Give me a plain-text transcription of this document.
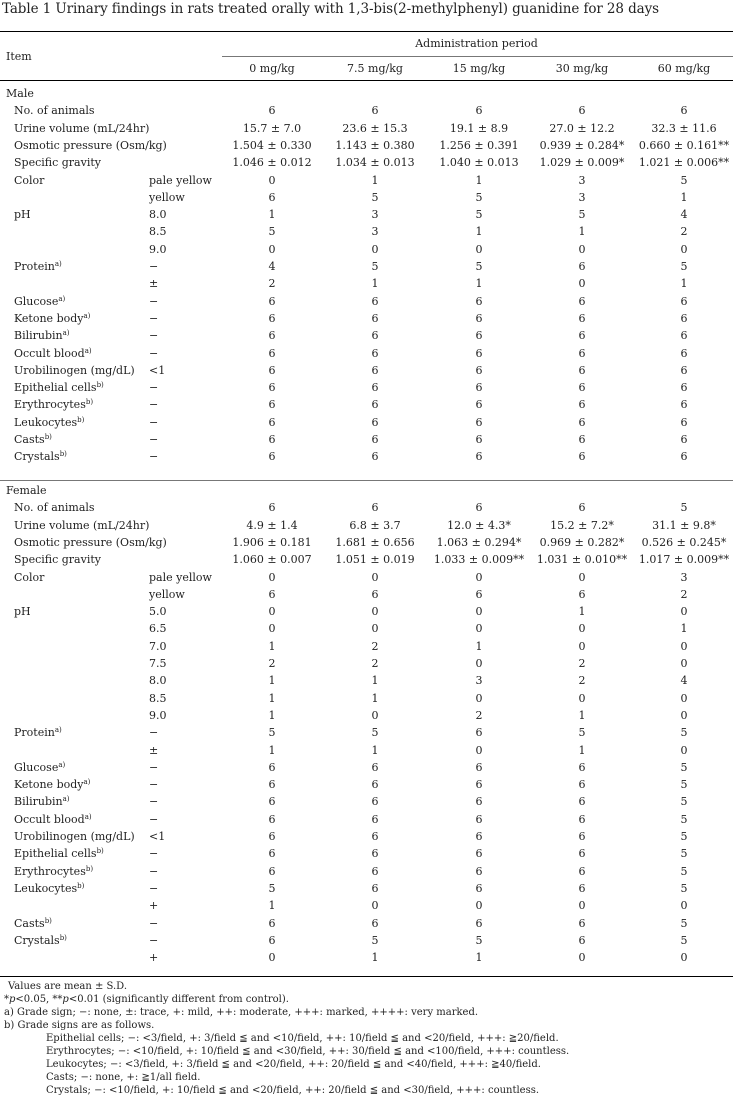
Table 1 Urinary findings in rats treated orally with 1,3-bis(2-methylphenyl) guanidine for 28 days
Item
Administration period
0 mg/kg	7.5 mg/kg	15 mg/kg	30 mg/kg	60 mg/kg
Male
No. of animals	6	6	6	6	6
Urine volume (mL/24hr)	15.7 ± 7.0	23.6 ± 15.3	19.1 ± 8.9	27.0 ± 12.2	32.3 ± 11.6
Osmotic pressure (Osm/kg)	1.504 ± 0.330	1.143 ± 0.380	1.256 ± 0.391	0.939 ± 0.284*	0.660 ± 0.161**
Specific gravity	1.046 ± 0.012	1.034 ± 0.013	1.040 ± 0.013	1.029 ± 0.009*	1.021 ± 0.006**
Color	pale yellow	0	1	1	3	5
yellow	6	5	5	3	1
pH	8.0	1	3	5	5	4
8.5	5	3	1	1	2
9.0	0	0	0	0	0
Protein$^{a)}$	−	4	5	5	6	5
±	2	1	1	0	1
Glucose$^{a)}$	−	6	6	6	6	6
Ketone body$^{a)}$	−	6	6	6	6	6
Bilirubin$^{a)}$	−	6	6	6	6	6
Occult blood$^{a)}$	−	6	6	6	6	6
Urobilinogen (mg/dL) <1	6	6	6	6	6
Epithelial cells$^{b)}$	−	6	6	6	6	6
Erythrocytes$^{b)}$	−	6	6	6	6	6
Leukocytes$^{b)}$	−	6	6	6	6	6
Casts$^{b)}$	−	6	6	6	6	6
Crystals$^{b)}$	−	6	6	6	6	6
Female
No. of animals	6	6	6	6	5
Urine volume (mL/24hr)	4.9 ± 1.4	6.8 ± 3.7	12.0 ± 4.3*	15.2 ± 7.2*	31.1 ± 9.8*
Osmotic pressure (Osm/kg)	1.906 ± 0.181	1.681 ± 0.656	1.063 ± 0.294*	0.969 ± 0.282*	0.526 ± 0.245*
Specific gravity	1.060 ± 0.007	1.051 ± 0.019	1.033 ± 0.009**	1.031 ± 0.010**	1.017 ± 0.009**
Color	pale yellow	0	0	0	0	3
yellow	6	6	6	6	2
pH	5.0	0	0	0	1	0
6.5	0	0	0	0	1
7.0	1	2	1	0	0
7.5	2	2	0	2	0
8.0	1	1	3	2	4
8.5	1	1	0	0	0
9.0	1	0	2	1	0
Protein$^{a)}$	−	5	5	6	5	5
±	1	1	0	1	0
Glucose$^{a)}$	−	6	6	6	6	5
Ketone body$^{a)}$	−	6	6	6	6	5
Bilirubin$^{a)}$	−	6	6	6	6	5
Occult blood$^{a)}$	−	6	6	6	6	5
Urobilinogen (mg/dL) <1	6	6	6	6	5
Epithelial cells$^{b)}$	−	6	6	6	6	5
Erythrocytes$^{b)}$	−	6	6	6	6	5
Leukocytes$^{b)}$	−	5	6	6	6	5
+	1	0	0	0	0
Casts$^{b)}$	−	6	6	6	6	5
Crystals$^{b)}$	−	6	5	5	6	5
+	0	1	1	0	0
Values are mean ± S.D.
*p<0.05, **p<0.01 (significantly different from control).
a) Grade sign; −: none, ±: trace, +: mild, ++: moderate, +++: marked, ++++: very marked.
b) Grade signs are as follows.
Epithelial cells; −: <3/field, +: 3/field ≦ and <10/field, ++: 10/field ≦ and <20/field, +++: ≧20/field.
Erythrocytes; −: <10/field, +: 10/field ≦ and <30/field, ++: 30/field ≦ and <100/field, +++: countless.
Leukocytes; −: <3/field, +: 3/field ≦ and <20/field, ++: 20/field ≦ and <40/field, +++: ≧40/field.
Casts; −: none, +: ≧1/all field.
Crystals; −: <10/field, +: 10/field ≦ and <20/field, ++: 20/field ≦ and <30/field, +++: countless.
